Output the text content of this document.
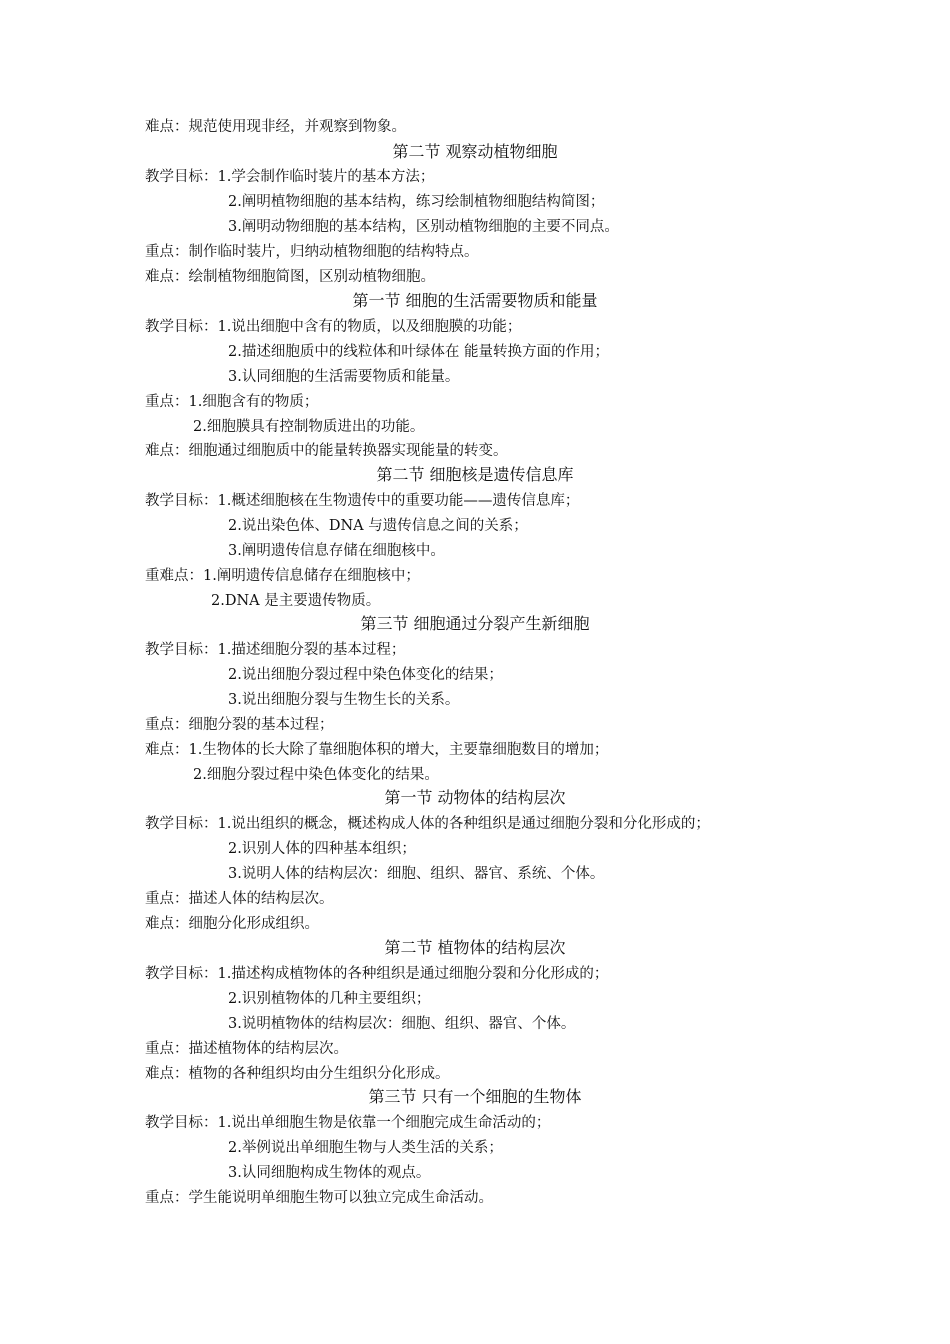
难点：规范使用现非经，并观察到物象。
第二节 观察动植物细胞
教学目标：1.学会制作临时装片的基本方法；
2.阐明植物细胞的基本结构，练习绘制植物细胞结构简图；
3.阐明动物细胞的基本结构，区别动植物细胞的主要不同点。
重点：制作临时装片，归纳动植物细胞的结构特点。
难点：绘制植物细胞简图，区别动植物细胞。
第一节 细胞的生活需要物质和能量
教学目标：1.说出细胞中含有的物质，以及细胞膜的功能；
2.描述细胞质中的线粒体和叶绿体在 能量转换方面的作用；
3.认同细胞的生活需要物质和能量。
重点：1.细胞含有的物质；
2.细胞膜具有控制物质进出的功能。
难点：细胞通过细胞质中的能量转换器实现能量的转变。
第二节 细胞核是遗传信息库
教学目标：1.概述细胞核在生物遗传中的重要功能——遗传信息库；
2.说出染色体、DNA 与遗传信息之间的关系；
3.阐明遗传信息存储在细胞核中。
重难点：1.阐明遗传信息储存在细胞核中；
2.DNA 是主要遗传物质。
第三节 细胞通过分裂产生新细胞
教学目标：1.描述细胞分裂的基本过程；
2.说出细胞分裂过程中染色体变化的结果；
3.说出细胞分裂与生物生长的关系。
重点：细胞分裂的基本过程；
难点：1.生物体的长大除了靠细胞体积的增大，主要靠细胞数目的增加；
2.细胞分裂过程中染色体变化的结果。
第一节 动物体的结构层次
教学目标：1.说出组织的概念，概述构成人体的各种组织是通过细胞分裂和分化形成的；
2.识别人体的四种基本组织；
3.说明人体的结构层次：细胞、组织、器官、系统、个体。
重点：描述人体的结构层次。
难点：细胞分化形成组织。
第二节 植物体的结构层次
教学目标：1.描述构成植物体的各种组织是通过细胞分裂和分化形成的；
2.识别植物体的几种主要组织；
3.说明植物体的结构层次：细胞、组织、器官、个体。
重点：描述植物体的结构层次。
难点：植物的各种组织均由分生组织分化形成。
第三节 只有一个细胞的生物体
教学目标：1.说出单细胞生物是依靠一个细胞完成生命活动的；
2.举例说出单细胞生物与人类生活的关系；
3.认同细胞构成生物体的观点。
重点：学生能说明单细胞生物可以独立完成生命活动。
